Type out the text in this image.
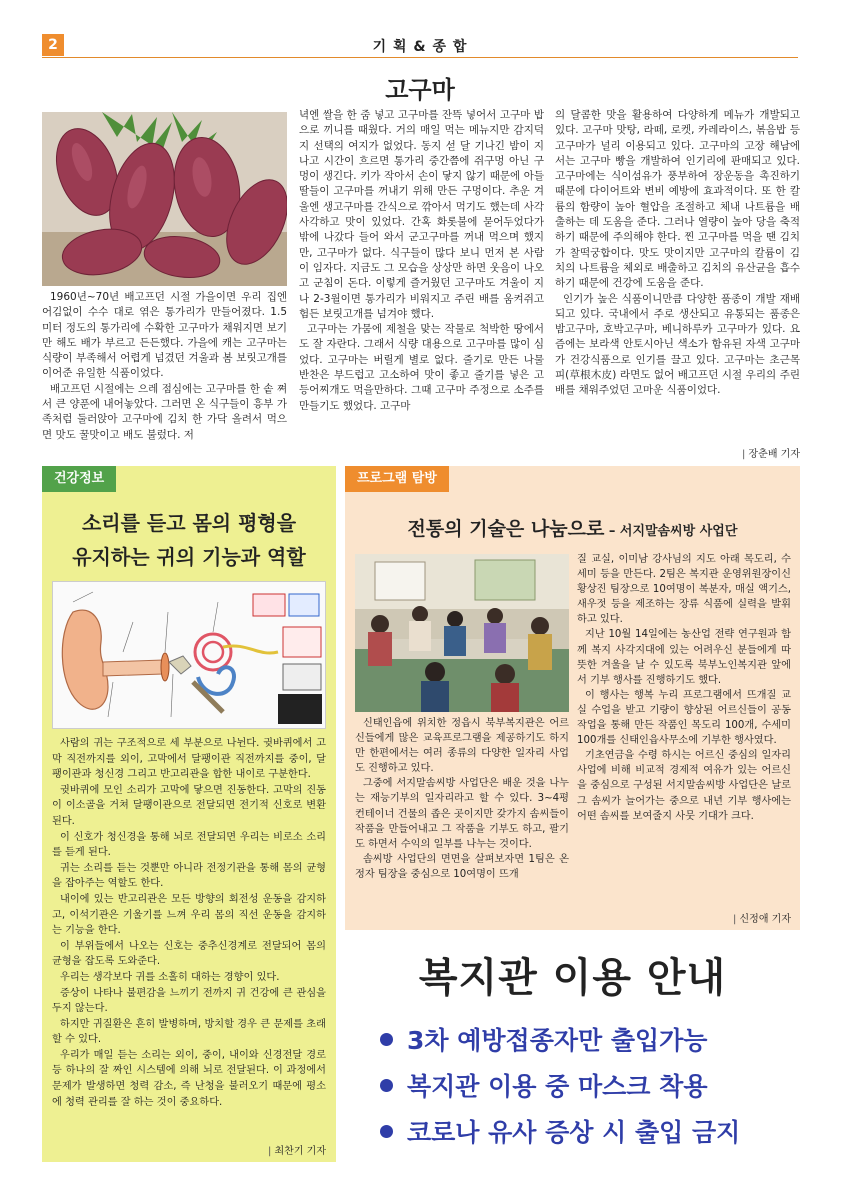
2	기 획 & 종 합
고구마

1960년~70년 배고프던 시절 가을이면 우리 집엔 어김없이 수수 대로 엮은 통가리가 만들어졌다. 1.5 미터 정도의 통가리에 수확한 고구마가 채워지면 보기만 해도 배가 부르고 든든했다. 가을에 캐는 고구마는 식량이 부족해서 어렵게 넘겼던 겨울과 봄 보릿고개를 이어준 유일한 식품이었다.

배고프던 시절에는 으레 점심에는 고구마를 한 솥 쪄서 큰 양푼에 내어놓았다. 그러면 온 식구들이 흥부 가족처럼 둘러앉아 고구마에 김치 한 가닥 올려서 먹으면 맛도 꿀맛이고 배도 불렀다. 저

녁엔 쌀을 한 줌 넣고 고구마를 잔뜩 넣어서 고구마 밥으로 끼니를 때웠다. 거의 매일 먹는 메뉴지만 감지덕지 선택의 여지가 없었다. 동지 섣 달 기나긴 밤이 지나고 시간이 흐르면 통가리 중간쯤에 쥐구멍 아닌 구멍이 생긴다. 키가 작아서 손이 닿지 않기 때문에 아들딸들이 고구마를 꺼내기 위해 만든 구멍이다. 추운 겨울엔 생고구마를 간식으로 깎아서 먹기도 했는데 사각사각하고 맛이 있었다. 간혹 화롯불에 묻어두었다가 밖에 나갔다 들어 와서 군고구마를 꺼내 먹으며 했지만, 고구마가 없다. 식구들이 많다 보니 먼저 본 사람이 임자다. 지금도 그 모습을 상상만 하면 웃음이 나오고 군침이 돈다. 이렇게 즐거웠던 고구마도 겨울이 지나 2-3월이면 통가리가 비워지고 주린 배를 움켜쥐고 험든 보릿고개를 넘겨야 했다.

고구마는 가뭄에 제철을 맞는 작물로 척박한 땅에서도 잘 자란다. 그래서 식량 대용으로 고구마를 많이 심었다. 고구마는 버릴게 별로 없다. 줄기로 만든 나물 반찬은 부드럽고 고소하여 맛이 좋고 줄기를 넣은 고등어찌개도 먹을만하다. 그때 고구마 주정으로 소주를 만들기도 했었다. 고구마

의 달콤한 맛을 활용하여 다양하게 메뉴가 개발되고 있다. 고구마 맛탕, 라떼, 로켓, 카레라이스, 볶음밥 등 고구마가 널리 이용되고 있다. 고구마의 고장 해남에서는 고구마 빵을 개발하여 인기리에 판매되고 있다. 고구마에는 식이섬유가 풍부하여 장운동을 촉진하기 때문에 다이어트와 변비 예방에 효과적이다. 또 한 칼륨의 함량이 높아 혈압을 조절하고 체내 나트륨을 배출하는 데 도움을 준다. 그러나 열량이 높아 당을 축적하기 때문에 주의해야 한다. 찐 고구마를 먹을 땐 김치가 찰떡궁합이다. 맛도 맛이지만 고구마의 칼륨이 김치의 나트륨을 체외로 배출하고 김치의 유산균을 흡수하기 때문에 건강에 도움을 준다.

인기가 높은 식품이니만큼 다양한 품종이 개발 재배되고 있다. 국내에서 주로 생산되고 유통되는 품종은 밤고구마, 호박고구마, 베니하루카 고구마가 있다. 요즘에는 보라색 안토시아닌 색소가 함유된 자색 고구마가 건강식품으로 인기를 끌고 있다. 고구마는 초근목피(草根木皮) 라면도 없어 배고프던 시절 우리의 주린 배를 채워주었던 고마운 식품이었다.

| 장춘배 기자
건강정보
소리를 듣고 몸의 평형을
유지하는 귀의 기능과 역할

사람의 귀는 구조적으로 세 부분으로 나뉜다. 귓바퀴에서 고막 직전까지를 외이, 고막에서 달팽이관 직전까지를 중이, 달팽이관과 청신경 그리고 반고리관을 합한 내이로 구분한다.

귓바퀴에 모인 소리가 고막에 닿으면 진동한다. 고막의 진동이 이소골을 거쳐 달팽이관으로 전달되면 전기적 신호로 변환된다.

이 신호가 청신경을 통해 뇌로 전달되면 우리는 비로소 소리를 듣게 된다.

귀는 소리를 듣는 것뿐만 아니라 전정기관을 통해 몸의 균형을 잡아주는 역할도 한다.

내이에 있는 반고리관은 모든 방향의 회전성 운동을 감지하고, 이석기관은 기울기를 느껴 우리 몸의 직선 운동을 감지하는 기능을 한다.

이 부위들에서 나오는 신호는 중추신경계로 전달되어 몸의 균형을 잡도록 도와준다.

우리는 생각보다 귀를 소홀히 대하는 경향이 있다.

증상이 나타나 불편감을 느끼기 전까지 귀 건강에 큰 관심을 두지 않는다.

하지만 귀질환은 흔히 발병하며, 방치할 경우 큰 문제를 초래할 수 있다.

우리가 매일 듣는 소리는 외이, 중이, 내이와 신경전달 경로 등 하나의 잘 짜인 시스템에 의해 뇌로 전달된다. 이 과정에서 문제가 발생하면 청력 감소, 즉 난청을 불러오기 때문에 평소에 청력 관리를 잘 하는 것이 중요하다.

| 최찬기 기자
프로그램 탐방
전통의 기술은 나눔으로 – 서지말솜씨방 사업단

신태인읍에 위치한 정읍시 북부복지관은 어르신들에게 많은 교육프로그램을 제공하기도 하지만 한편에서는 여러 종류의 다양한 일자리 사업도 진행하고 있다.

그중에 서지말솜씨방 사업단은 배운 것을 나누는 재능기부의 일자리라고 할 수 있다. 3~4평 컨테이너 건물의 좁은 곳이지만 갖가지 솜씨들이 작품을 만들어내고 그 작품을 기부도 하고, 팔기도 하면서 수익의 일부를 나누는 것이다.

솜씨방 사업단의 면면을 살펴보자면 1팀은 온정자 팀장을 중심으로 10여명이 뜨개

질 교실, 이미남 강사님의 지도 아래 목도리, 수세미 등을 만든다. 2팀은 복지관 운영위원장이신 황상진 팀장으로 10여명이 복분자, 매실 액기스, 새우젓 등을 제조하는 장류 식품에 실력을 발휘하고 있다.

지난 10월 14일에는 농산업 전략 연구원과 함께 복지 사각지대에 있는 어려우신 분들에게 따뜻한 겨울을 날 수 있도록 북부노인복지관 앞에서 기부 행사를 진행하기도 했다.

이 행사는 행복 누리 프로그램에서 뜨개질 교실 수업을 받고 기량이 향상된 어르신들이 공동작업을 통해 만든 작품인 목도리 100개, 수세미 100개를 신태인읍사무소에 기부한 행사였다.

기초연금을 수령 하시는 어르신 중심의 일자리 사업에 비해 비교적 경제적 여유가 있는 어르신을 중심으로 구성된 서지말솜씨방 사업단은 날로 그 솜씨가 늘어가는 중으로 내년 기부 행사에는 어떤 솜씨를 보여줄지 사뭇 기대가 크다.

| 신정애 기자
복지관 이용 안내
3차 예방접종자만 출입가능
복지관 이용 중 마스크 착용
코로나 유사 증상 시 출입 금지
